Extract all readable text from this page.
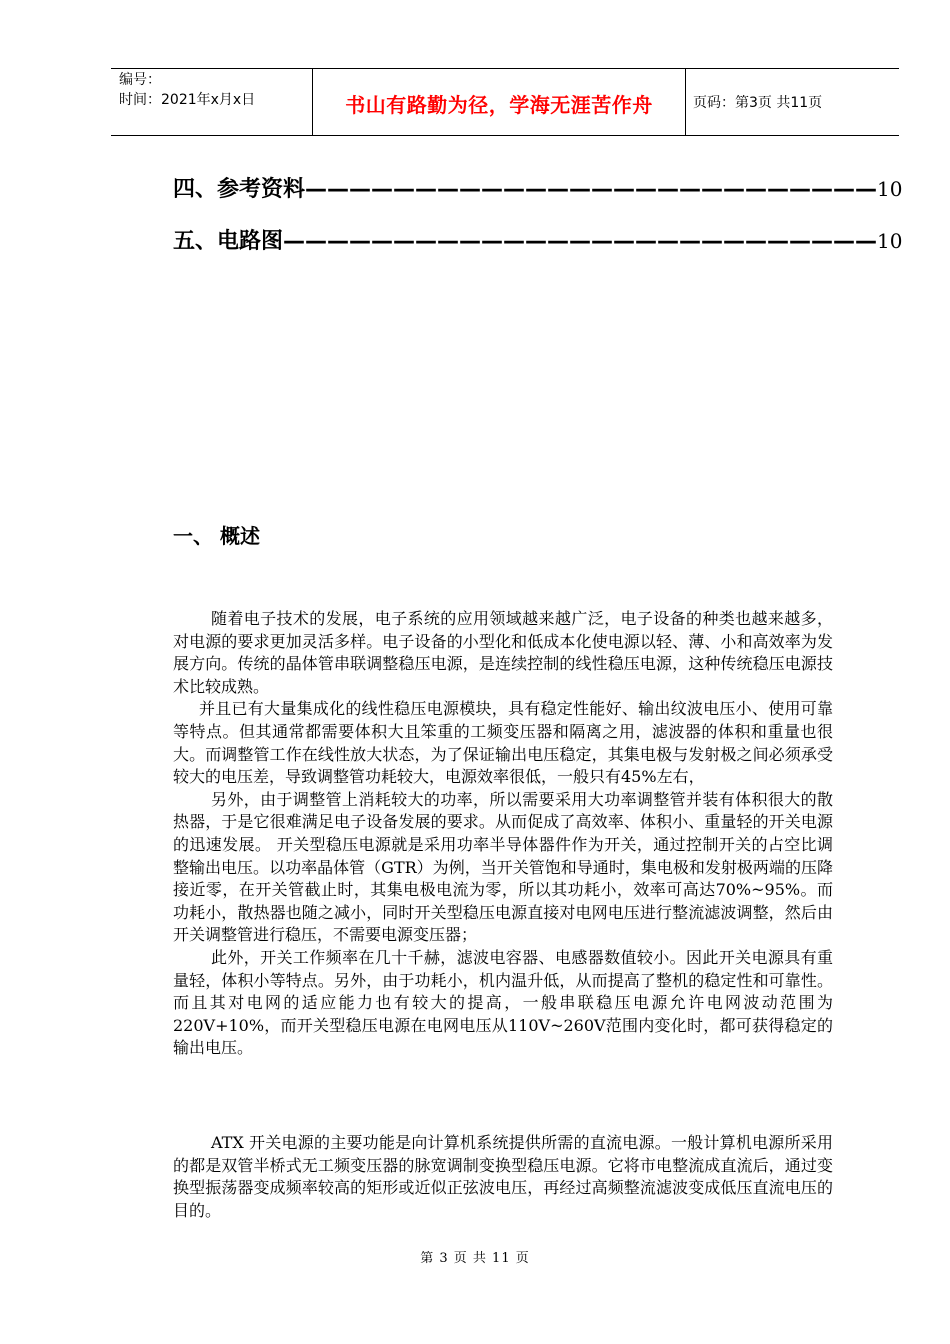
编号：
时间：2021年x月x日	书山有路勤为径，学海无涯苦作舟	页码：第3页 共11页
四、参考资料——————————————————————————10
五、电路图———————————————————————————10
一、 概述

随着电子技术的发展，电子系统的应用领域越来越广泛，电子设备的种类也越来越多，对电源的要求更加灵活多样。电子设备的小型化和低成本化使电源以轻、薄、小和高效率为发展方向。传统的晶体管串联调整稳压电源，是连续控制的线性稳压电源，这种传统稳压电源技术比较成熟。

并且已有大量集成化的线性稳压电源模块，具有稳定性能好、输出纹波电压小、使用可靠等特点。但其通常都需要体积大且笨重的工频变压器和隔离之用，滤波器的体积和重量也很大。而调整管工作在线性放大状态，为了保证输出电压稳定，其集电极与发射极之间必须承受较大的电压差，导致调整管功耗较大，电源效率很低，一般只有45%左右，

另外，由于调整管上消耗较大的功率，所以需要采用大功率调整管并装有体积很大的散热器，于是它很难满足电子设备发展的要求。从而促成了高效率、体积小、重量轻的开关电源的迅速发展。 开关型稳压电源就是采用功率半导体器件作为开关，通过控制开关的占空比调整输出电压。以功率晶体管（GTR）为例，当开关管饱和导通时，集电极和发射极两端的压降接近零，在开关管截止时，其集电极电流为零，所以其功耗小，效率可高达70%~95%。而功耗小，散热器也随之减小，同时开关型稳压电源直接对电网电压进行整流滤波调整，然后由开关调整管进行稳压，不需要电源变压器；

此外，开关工作频率在几十千赫，滤波电容器、电感器数值较小。因此开关电源具有重量轻，体积小等特点。另外，由于功耗小，机内温升低，从而提高了整机的稳定性和可靠性。而且其对电网的适应能力也有较大的提高，一般串联稳压电源允许电网波动范围为220V+10%，而开关型稳压电源在电网电压从110V~260V范围内变化时，都可获得稳定的输出电压。

ATX 开关电源的主要功能是向计算机系统提供所需的直流电源。一般计算机电源所采用的都是双管半桥式无工频变压器的脉宽调制变换型稳压电源。它将市电整流成直流后，通过变换型振荡器变成频率较高的矩形或近似正弦波电压，再经过高频整流滤波变成低压直流电压的目的。

第 3 页 共 11 页
